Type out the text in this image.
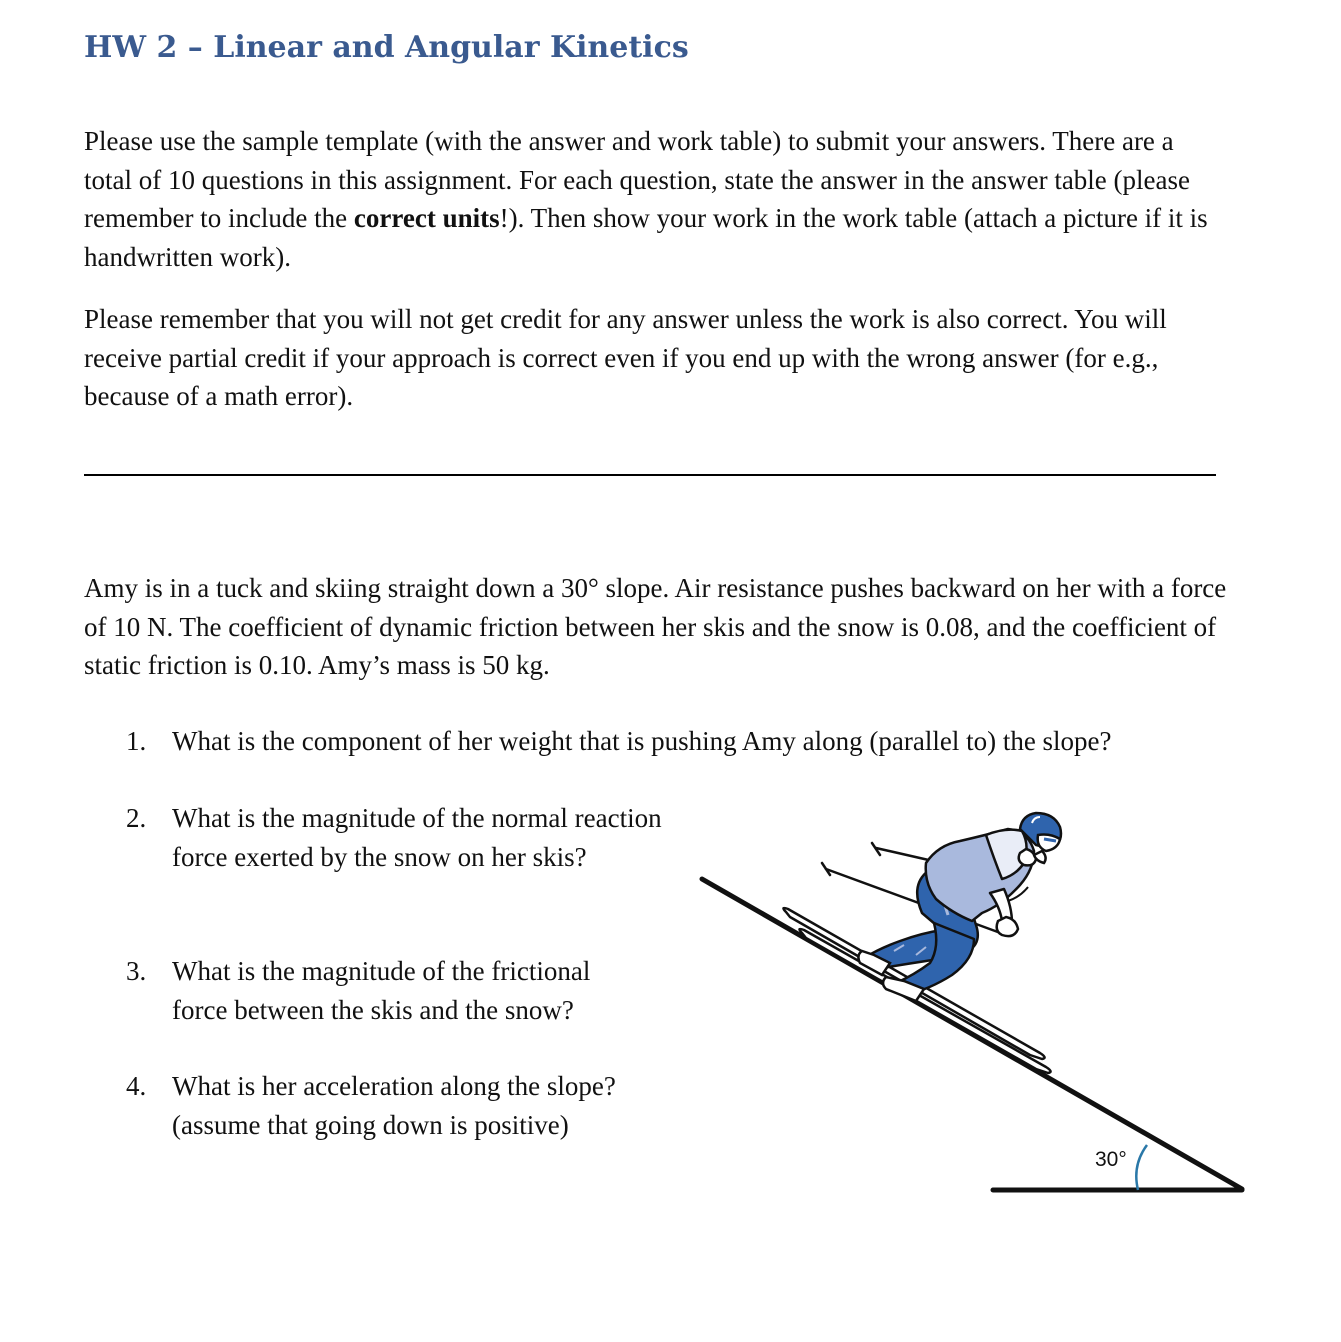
HW 2 – Linear and Angular Kinetics

Please use the sample template (with the answer and work table) to submit your answers. There are a total of 10 questions in this assignment. For each question, state the answer in the answer table (please remember to include the correct units!). Then show your work in the work table (attach a picture if it is handwritten work).

Please remember that you will not get credit for any answer unless the work is also correct. You will receive partial credit if your approach is correct even if you end up with the wrong answer (for e.g., because of a math error).

Amy is in a tuck and skiing straight down a 30° slope. Air resistance pushes backward on her with a force of 10 N. The coefficient of dynamic friction between her skis and the snow is 0.08, and the coefficient of static friction is 0.10. Amy’s mass is 50 kg.

1. What is the component of her weight that is pushing Amy along (parallel to) the slope?
2. What is the magnitude of the normal reaction force exerted by the snow on her skis?
3. What is the magnitude of the frictional force between the skis and the snow?
4. What is her acceleration along the slope? (assume that going down is positive)
30°
